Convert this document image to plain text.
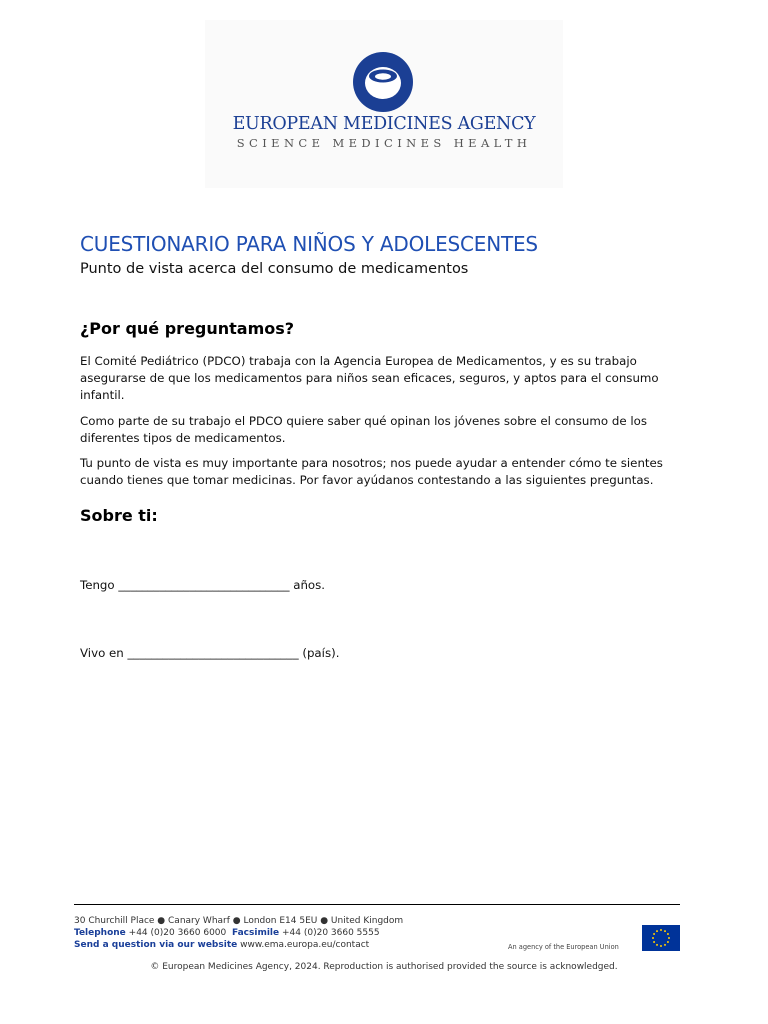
EUROPEAN MEDICINES AGENCY
SCIENCE MEDICINES HEALTH
CUESTIONARIO PARA NIÑOS Y ADOLESCENTES
Punto de vista acerca del consumo de medicamentos
¿Por qué preguntamos?
El Comité Pediátrico (PDCO) trabaja con la Agencia Europea de Medicamentos, y es su trabajo asegurarse de que los medicamentos para niños sean eficaces, seguros, y aptos para el consumo infantil.
Como parte de su trabajo el PDCO quiere saber qué opinan los jóvenes sobre el consumo de los diferentes tipos de medicamentos.
Tu punto de vista es muy importante para nosotros; nos puede ayudar a entender cómo te sientes cuando tienes que tomar medicinas. Por favor ayúdanos contestando a las siguientes preguntas.
Sobre ti:
Tengo _____________________________ años.
Vivo en _____________________________ (país).
30 Churchill Place ● Canary Wharf ● London E14 5EU ● United Kingdom
Telephone +44 (0)20 3660 6000 Facsimile +44 (0)20 3660 5555
Send a question via our website www.ema.europa.eu/contact	An agency of the European Union
© European Medicines Agency, 2024. Reproduction is authorised provided the source is acknowledged.
